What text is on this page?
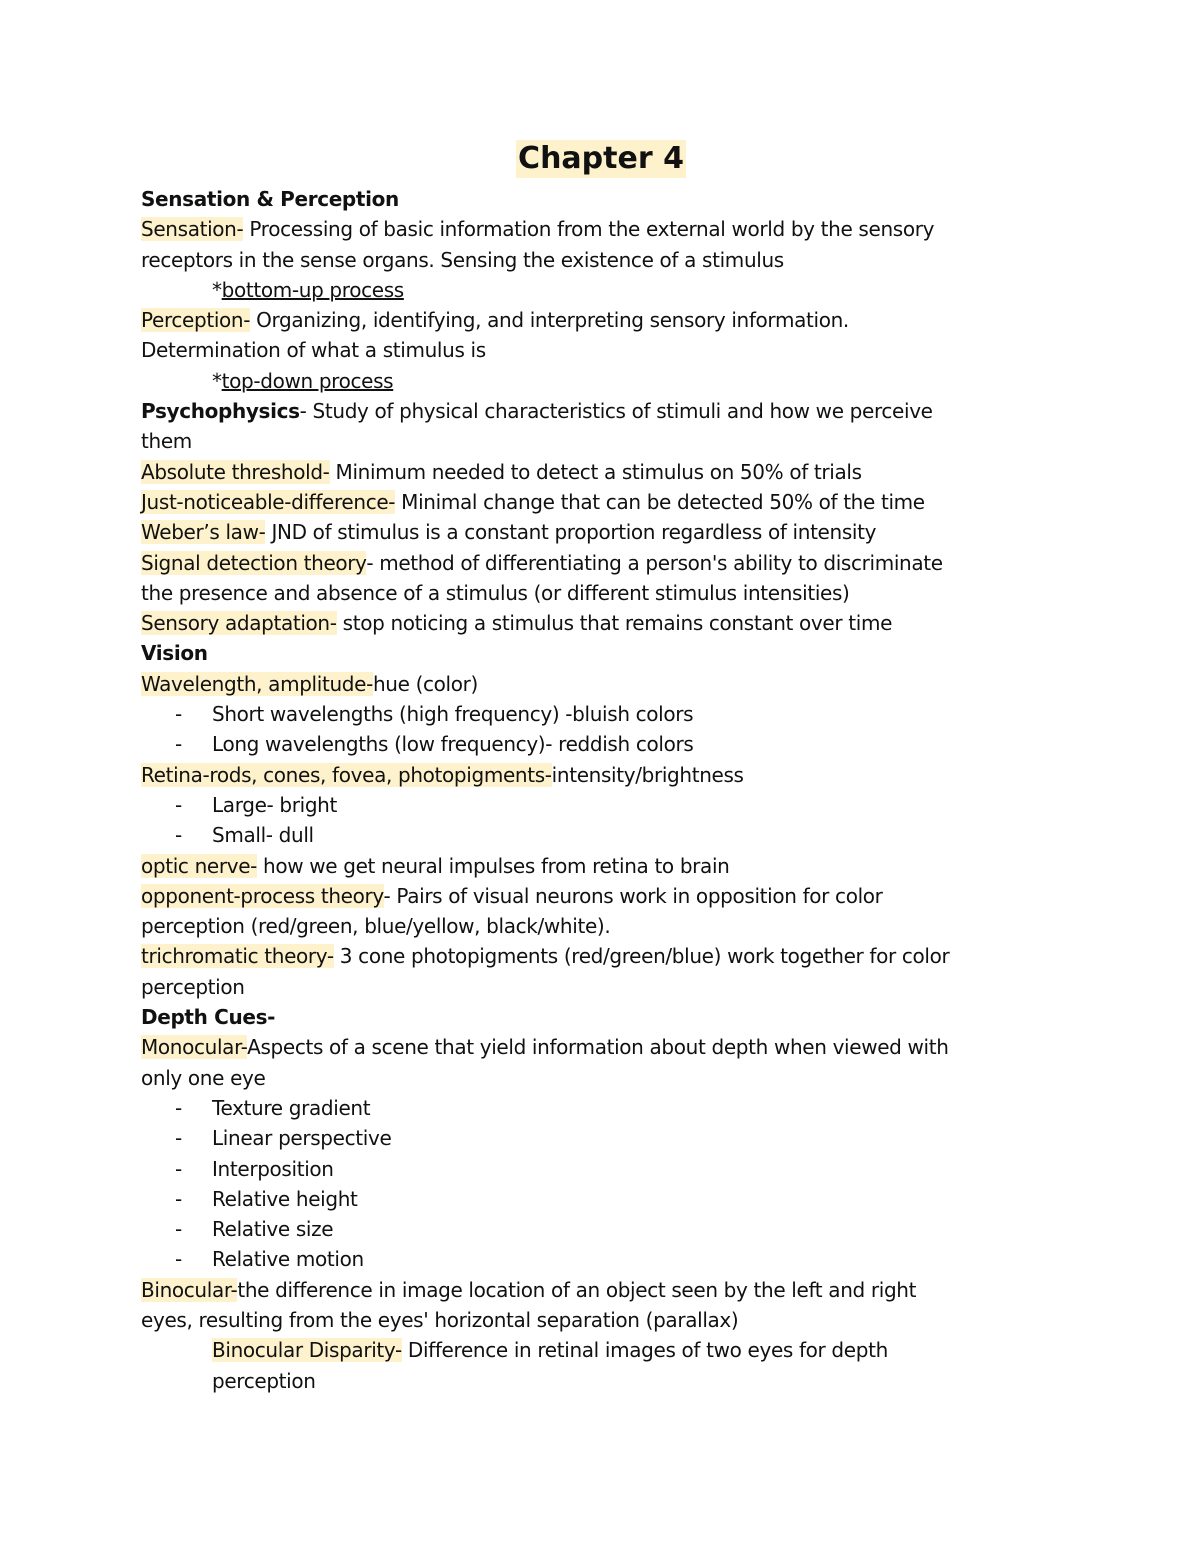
Chapter 4
Sensation & Perception
Sensation- Processing of basic information from the external world by the sensory
receptors in the sense organs. Sensing the existence of a stimulus
*bottom-up process
Perception- Organizing, identifying, and interpreting sensory information.
Determination of what a stimulus is
*top-down process
Psychophysics- Study of physical characteristics of stimuli and how we perceive
them
Absolute threshold- Minimum needed to detect a stimulus on 50% of trials
Just-noticeable-difference- Minimal change that can be detected 50% of the time
Weber’s law- JND of stimulus is a constant proportion regardless of intensity
Signal detection theory- method of differentiating a person's ability to discriminate
the presence and absence of a stimulus (or different stimulus intensities)
Sensory adaptation- stop noticing a stimulus that remains constant over time
Vision
Wavelength, amplitude-hue (color)
- Short wavelengths (high frequency) -bluish colors
- Long wavelengths (low frequency)- reddish colors
Retina-rods, cones, fovea, photopigments-intensity/brightness
- Large- bright
- Small- dull
optic nerve- how we get neural impulses from retina to brain
opponent-process theory- Pairs of visual neurons work in opposition for color
perception (red/green, blue/yellow, black/white).
trichromatic theory- 3 cone photopigments (red/green/blue) work together for color
perception
Depth Cues-
Monocular-Aspects of a scene that yield information about depth when viewed with
only one eye
- Texture gradient
- Linear perspective
- Interposition
- Relative height
- Relative size
- Relative motion
Binocular-the difference in image location of an object seen by the left and right
eyes, resulting from the eyes' horizontal separation (parallax)
Binocular Disparity- Difference in retinal images of two eyes for depth
perception
